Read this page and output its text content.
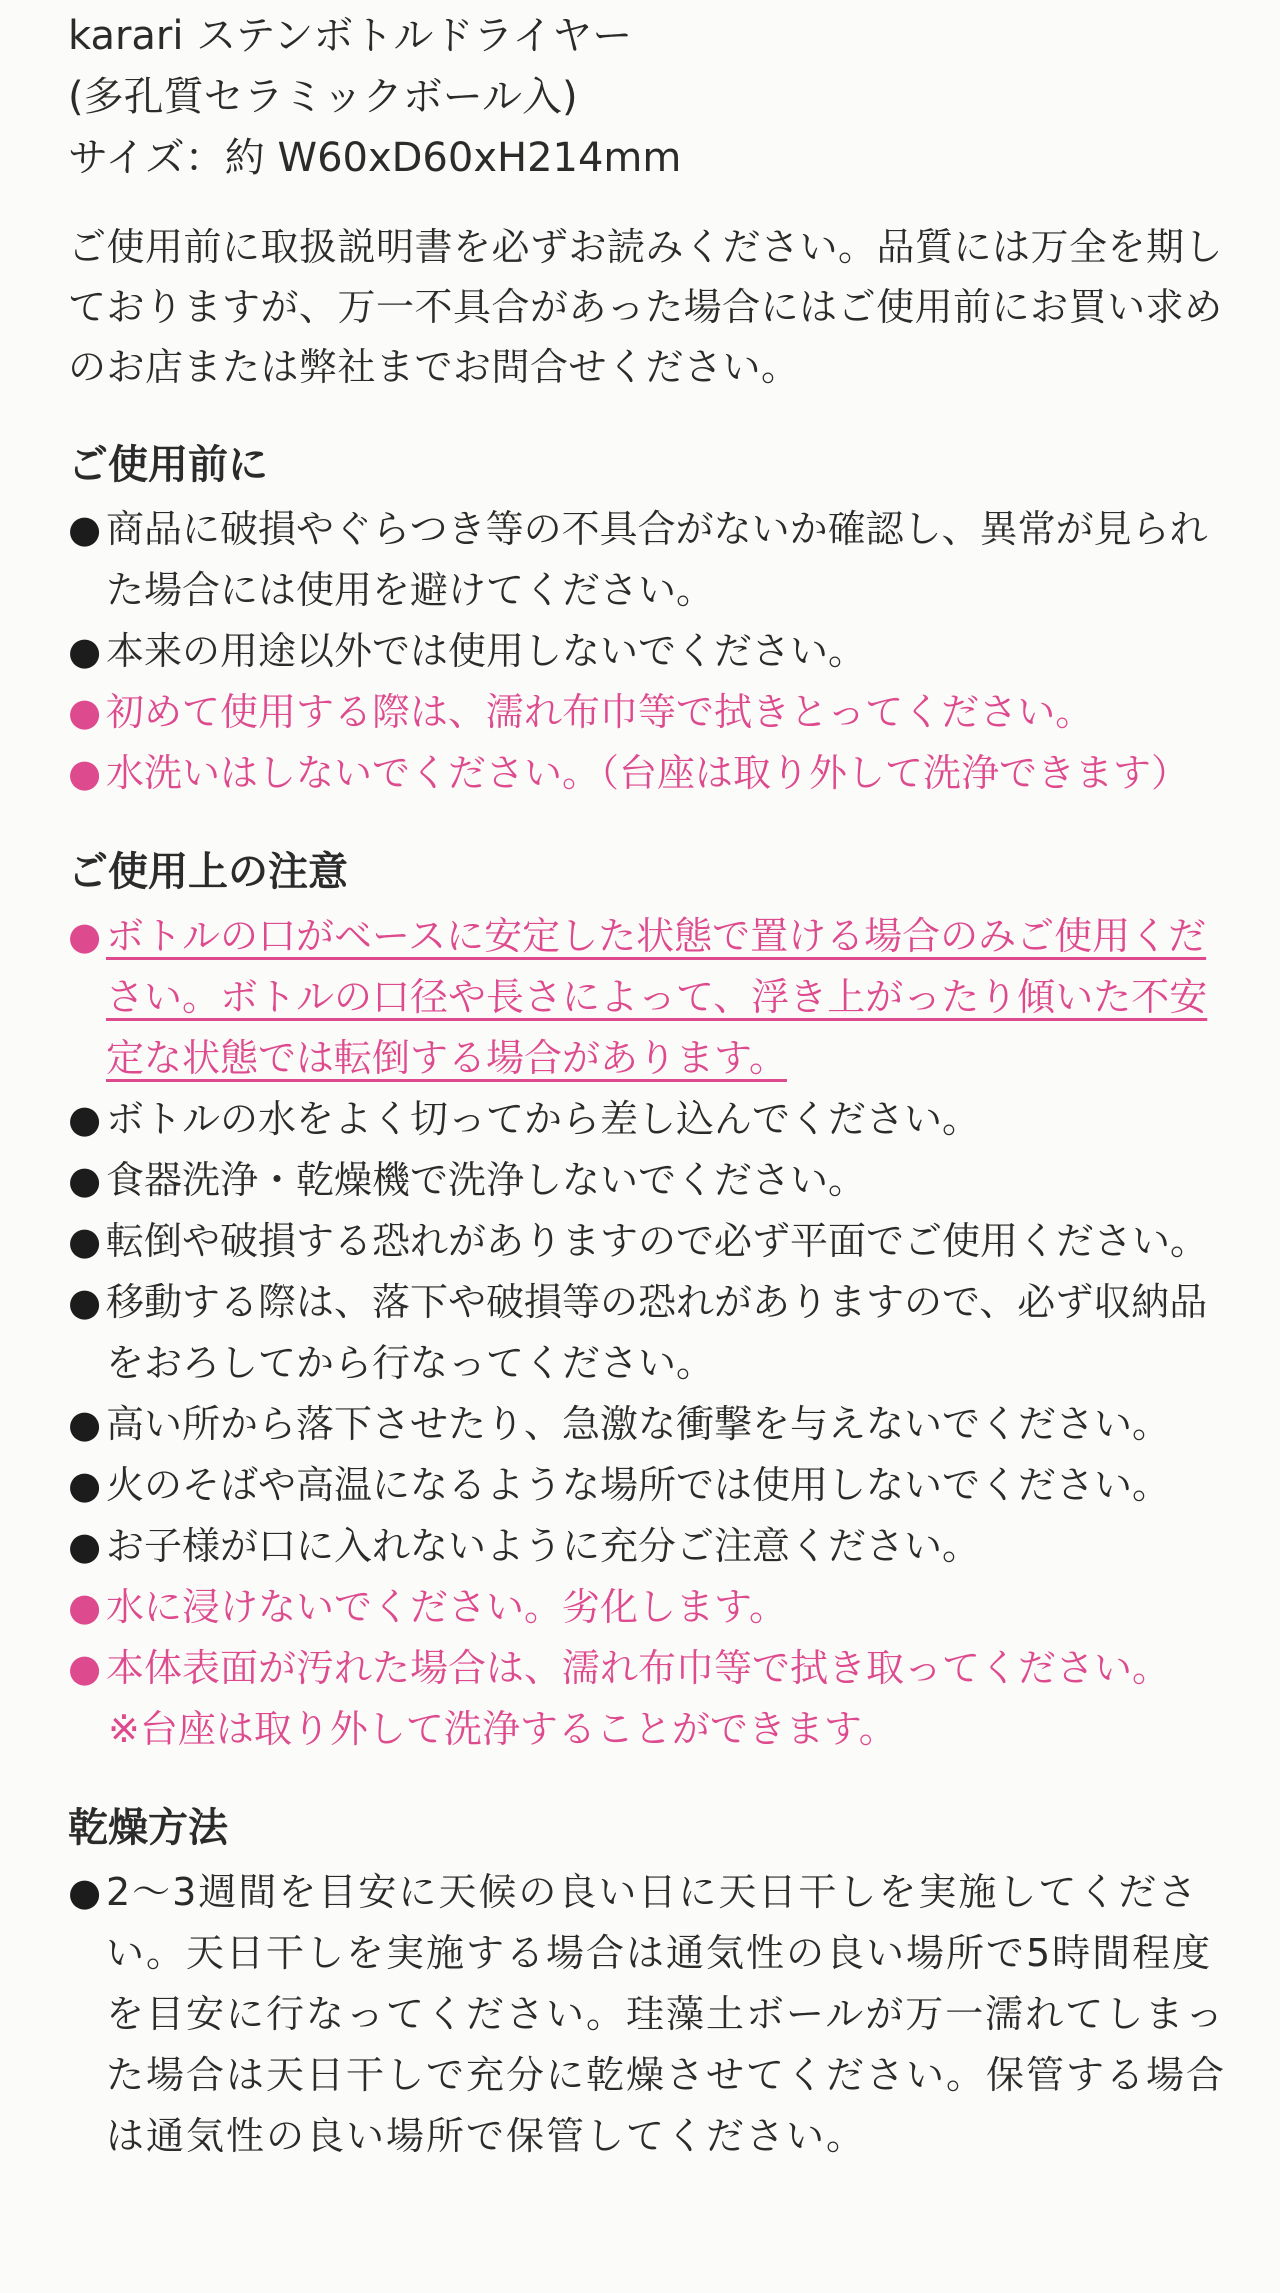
karari ステンボトルドライヤー

(多孔質セラミックボール入)

サイズ：約 W60xD60xH214mm

ご使用前に取扱説明書を必ずお読みください。品質には万全を期しておりますが、万一不具合があった場合にはご使用前にお買い求めのお店または弊社までお問合せください。

ご使用前に
● 商品に破損やぐらつき等の不具合がないか確認し、異常が見られた場合には使用を避けてください。
● 本来の用途以外では使用しないでください。
● 初めて使用する際は、濡れ布巾等で拭きとってください。
● 水洗いはしないでください。（台座は取り外して洗浄できます）
ご使用上の注意
● ボトルの口がベースに安定した状態で置ける場合のみご使用ください。ボトルの口径や長さによって、浮き上がったり傾いた不安定な状態では転倒する場合があります。
● ボトルの水をよく切ってから差し込んでください。
● 食器洗浄・乾燥機で洗浄しないでください。
● 転倒や破損する恐れがありますので必ず平面でご使用ください。
● 移動する際は、落下や破損等の恐れがありますので、必ず収納品をおろしてから行なってください。
● 高い所から落下させたり、急激な衝撃を与えないでください。
● 火のそばや高温になるような場所では使用しないでください。
● お子様が口に入れないように充分ご注意ください。
● 水に浸けないでください。劣化します。
● 本体表面が汚れた場合は、濡れ布巾等で拭き取ってください。

※台座は取り外して洗浄することができます。

乾燥方法
● 2～3週間を目安に天候の良い日に天日干しを実施してください。天日干しを実施する場合は通気性の良い場所で5時間程度を目安に行なってください。珪藻土ボールが万一濡れてしまった場合は天日干しで充分に乾燥させてください。保管する場合は通気性の良い場所で保管してください。
